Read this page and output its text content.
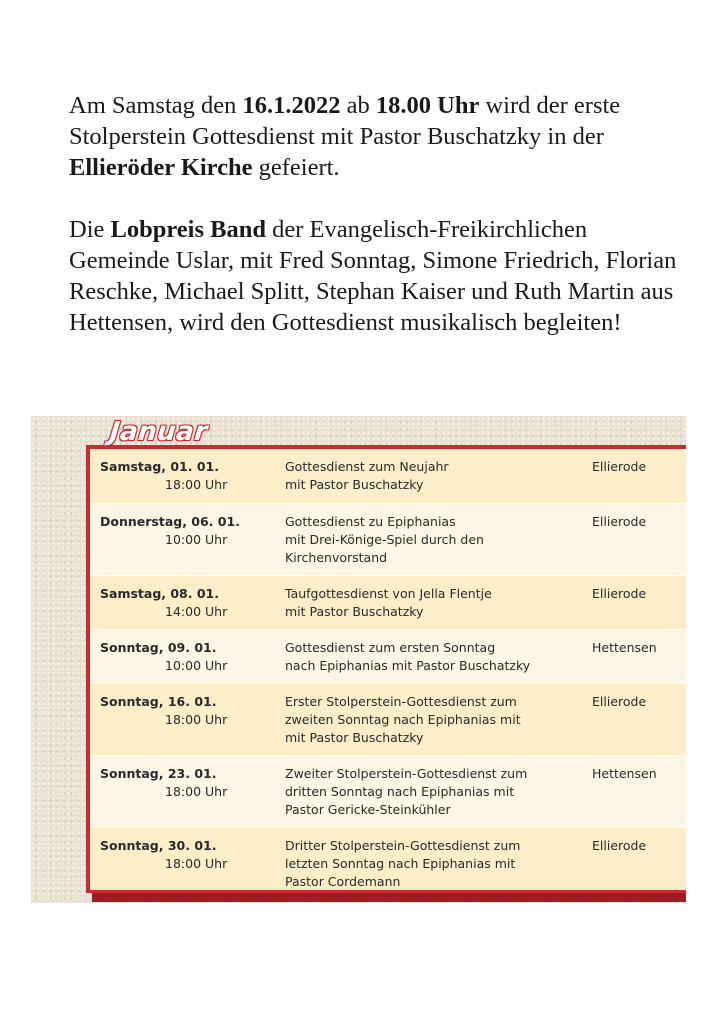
Am Samstag den 16.1.2022 ab 18.00 Uhr wird der erste Stolperstein Gottesdienst mit Pastor Buschatzky in der Ellieröder Kirche gefeiert.

Die Lobpreis Band der Evangelisch-Freikirchlichen Gemeinde Uslar, mit Fred Sonntag, Simone Friedrich, Florian Reschke, Michael Splitt, Stephan Kaiser und Ruth Martin aus Hettensen, wird den Gottesdienst musikalisch begleiten!

Samstag, 01. 01.
18:00 Uhr
Gottesdienst zum Neujahr
mit Pastor Buschatzky
Ellierode
Donnerstag, 06. 01.
10:00 Uhr
Gottesdienst zu Epiphanias
mit Drei-Könige-Spiel durch den
Kirchenvorstand
Ellierode
Samstag, 08. 01.
14:00 Uhr
Taufgottesdienst von Jella Flentje
mit Pastor Buschatzky
Ellierode
Sonntag, 09. 01.
10:00 Uhr
Gottesdienst zum ersten Sonntag
nach Epiphanias mit Pastor Buschatzky
Hettensen
Sonntag, 16. 01.
18:00 Uhr
Erster Stolperstein-Gottesdienst zum
zweiten Sonntag nach Epiphanias mit
mit Pastor Buschatzky
Ellierode
Sonntag, 23. 01.
18:00 Uhr
Zweiter Stolperstein-Gottesdienst zum
dritten Sonntag nach Epiphanias mit
Pastor Gericke-Steinkühler
Hettensen
Sonntag, 30. 01.
18:00 Uhr
Dritter Stolperstein-Gottesdienst zum
letzten Sonntag nach Epiphanias mit
Pastor Cordemann
Ellierode
Januar
